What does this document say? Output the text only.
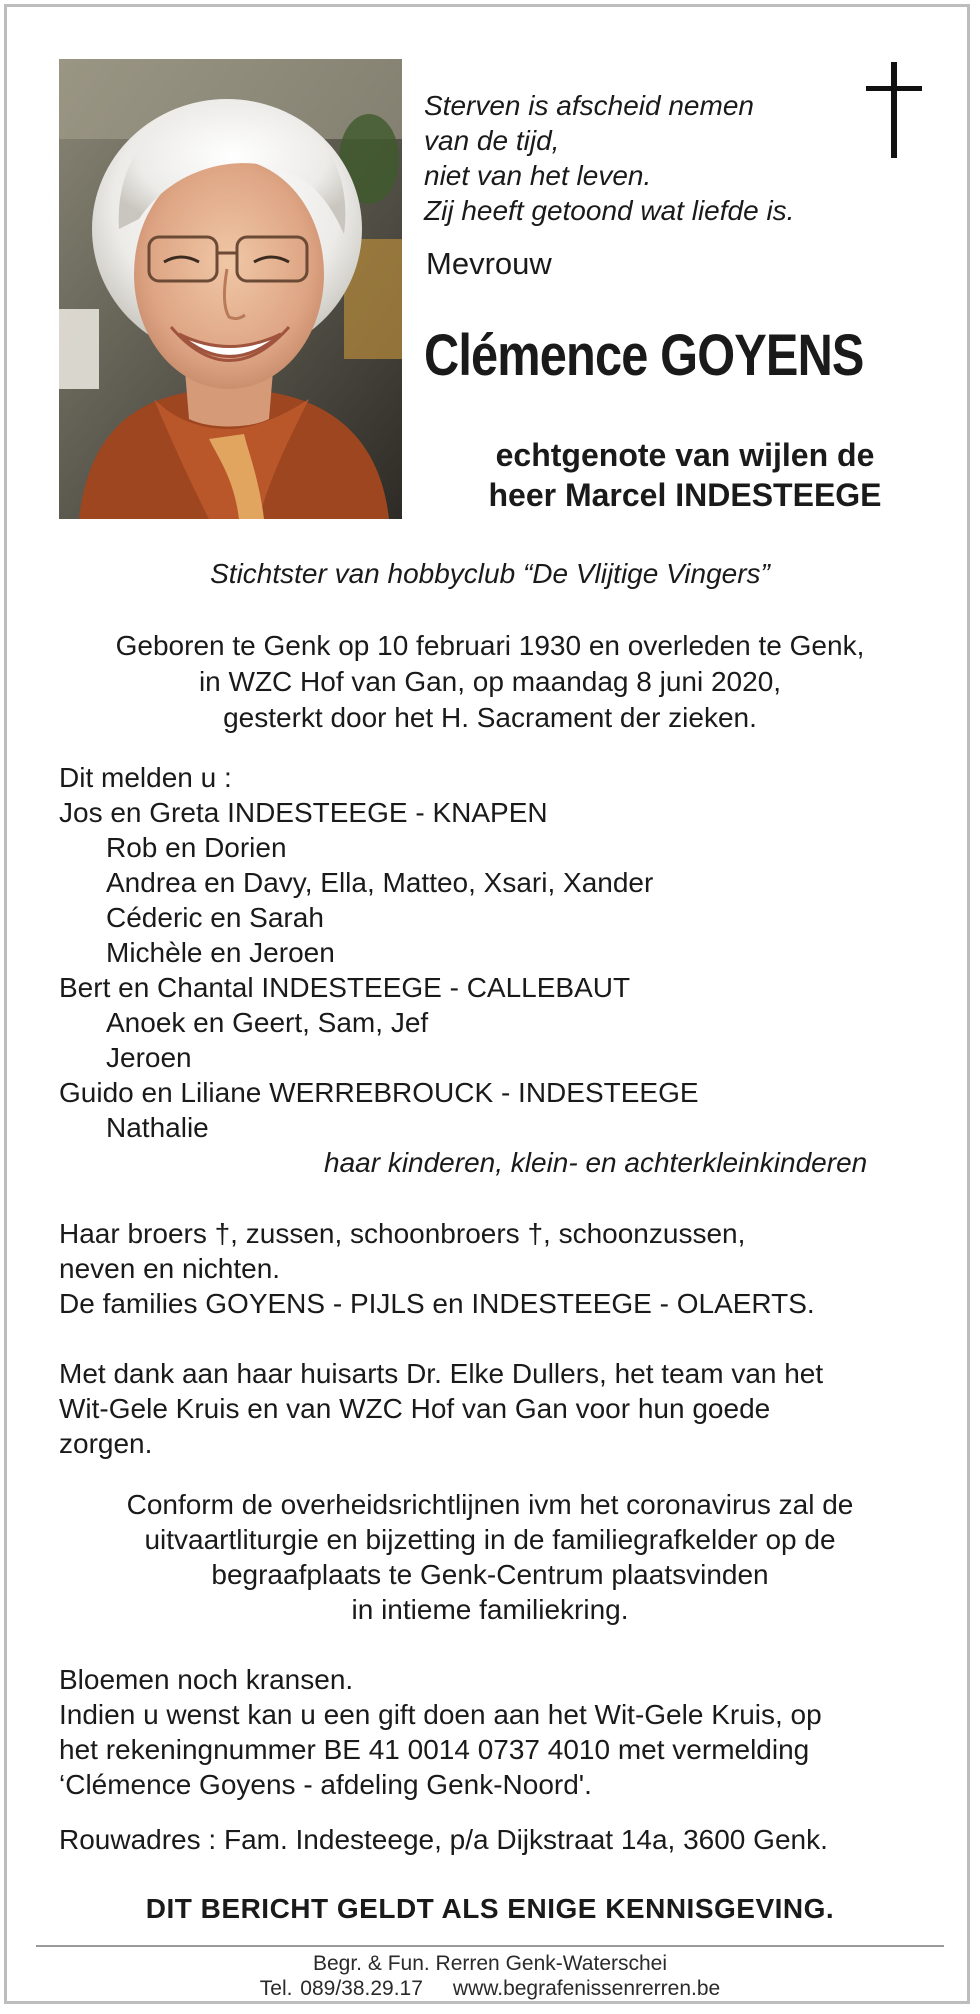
Sterven is afscheid nemen
van de tijd,
niet van het leven.
Zij heeft getoond wat liefde is.
Mevrouw
Clémence GOYENS
echtgenote van wijlen de
heer Marcel INDESTEEGE
Stichtster van hobbyclub “De Vlijtige Vingers”
Geboren te Genk op 10 februari 1930 en overleden te Genk,
in WZC Hof van Gan, op maandag 8 juni 2020,
gesterkt door het H. Sacrament der zieken.
Dit melden u :
Jos en Greta INDESTEEGE - KNAPEN
Rob en Dorien
Andrea en Davy, Ella, Matteo, Xsari, Xander
Céderic en Sarah
Michèle en Jeroen
Bert en Chantal INDESTEEGE - CALLEBAUT
Anoek en Geert, Sam, Jef
Jeroen
Guido en Liliane WERREBROUCK - INDESTEEGE
Nathalie
haar kinderen, klein- en achterkleinkinderen
Haar broers †, zussen, schoonbroers †, schoonzussen,
neven en nichten.
De families GOYENS - PIJLS en INDESTEEGE - OLAERTS.
Met dank aan haar huisarts Dr. Elke Dullers, het team van het
Wit-Gele Kruis en van WZC Hof van Gan voor hun goede
zorgen.
Conform de overheidsrichtlijnen ivm het coronavirus zal de
uitvaartliturgie en bijzetting in de familiegrafkelder op de
begraafplaats te Genk-Centrum plaatsvinden
in intieme familiekring.
Bloemen noch kransen.
Indien u wenst kan u een gift doen aan het Wit-Gele Kruis, op
het rekeningnummer BE 41 0014 0737 4010 met vermelding
‘Clémence Goyens - afdeling Genk-Noord'.
Rouwadres : Fam. Indesteege, p/a Dijkstraat 14a, 3600 Genk.
DIT BERICHT GELDT ALS ENIGE KENNISGEVING.
Begr. & Fun. Rerren Genk-Waterschei
Tel. 089/38.29.17 www.begrafenissenrerren.be
